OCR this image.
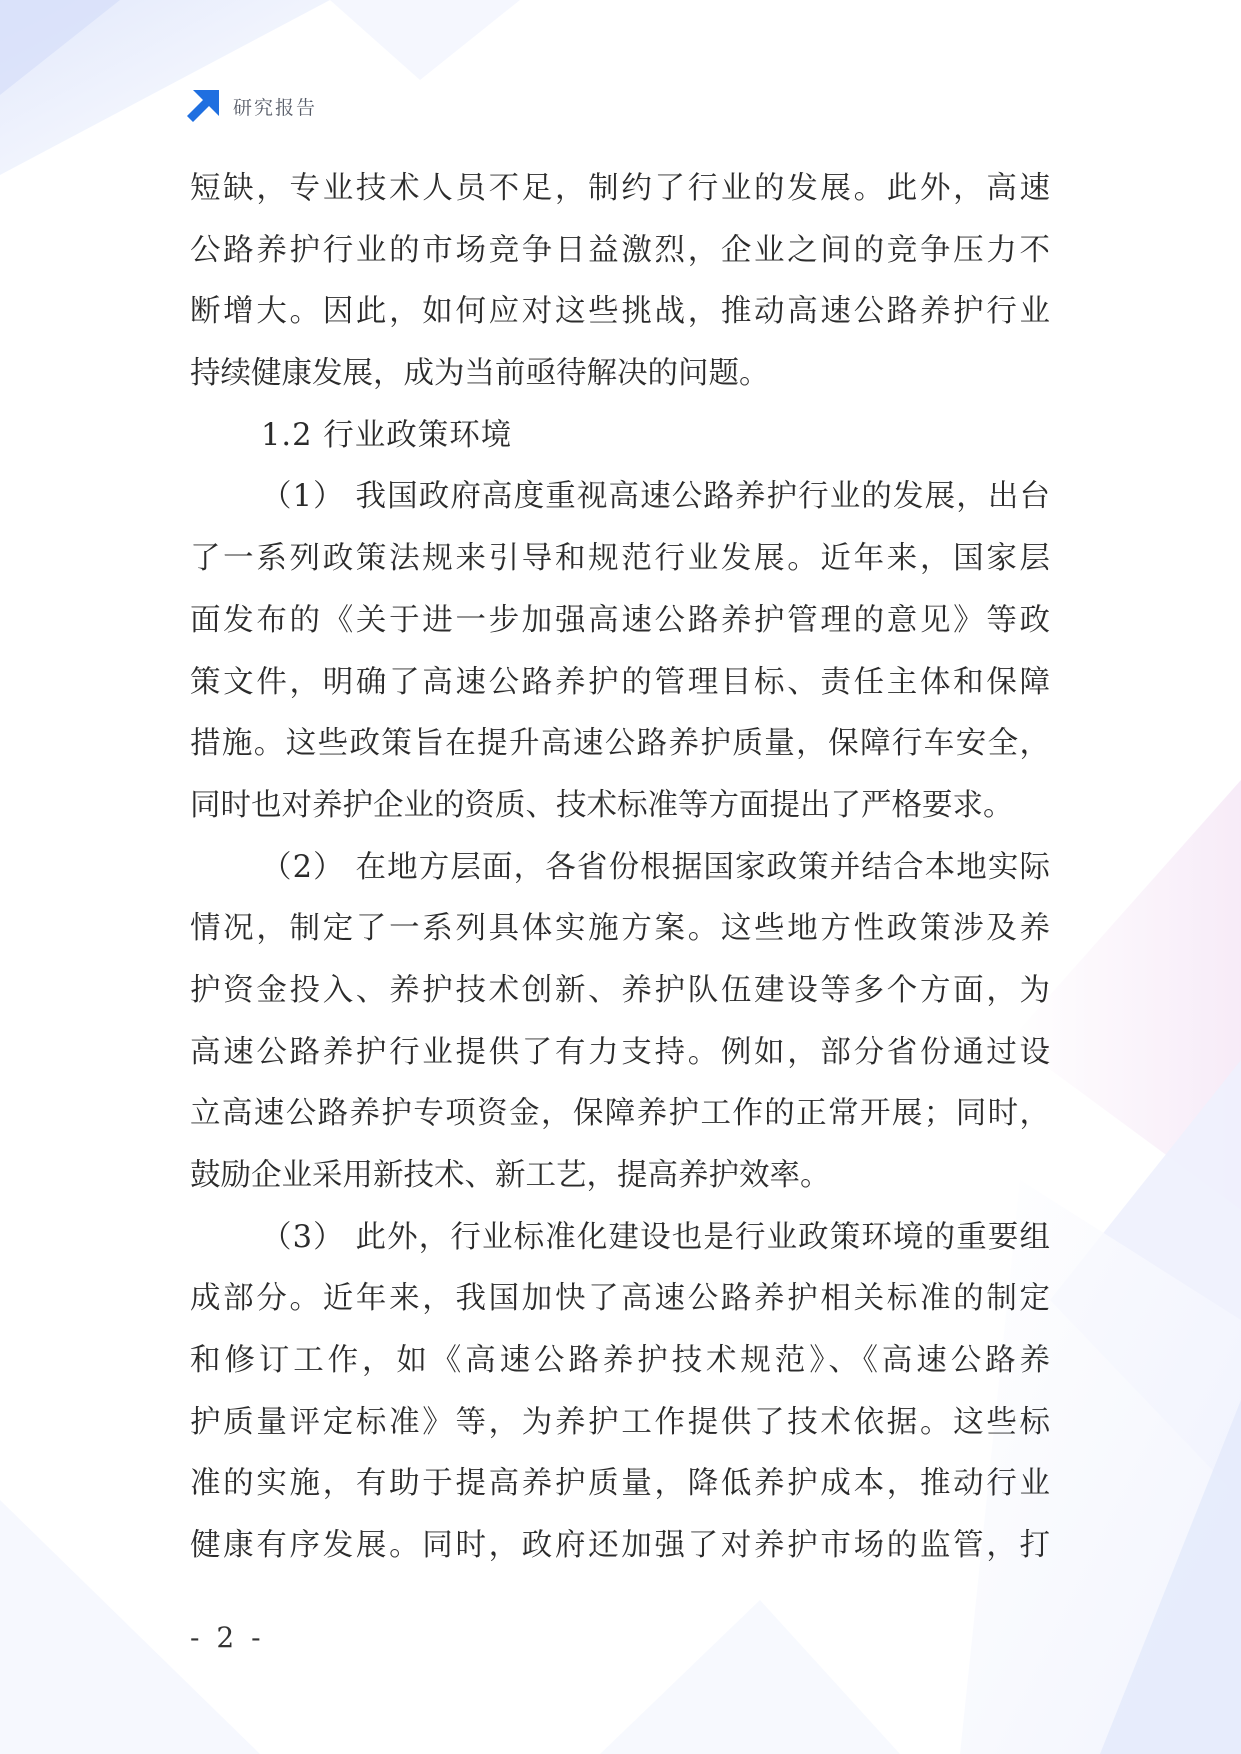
研究报告
短缺，专业技术人员不足，制约了行业的发展。此外，高速
公路养护行业的市场竞争日益激烈，企业之间的竞争压力不
断增大。因此，如何应对这些挑战，推动高速公路养护行业
持续健康发展，成为当前亟待解决的问题。
1.2 行业政策环境
（1） 我国政府高度重视高速公路养护行业的发展，出台
了一系列政策法规来引导和规范行业发展。近年来，国家层
面发布的《关于进一步加强高速公路养护管理的意见》等政
策文件，明确了高速公路养护的管理目标、责任主体和保障
措施。这些政策旨在提升高速公路养护质量，保障行车安全，
同时也对养护企业的资质、技术标准等方面提出了严格要求。
（2） 在地方层面，各省份根据国家政策并结合本地实际
情况，制定了一系列具体实施方案。这些地方性政策涉及养
护资金投入、养护技术创新、养护队伍建设等多个方面，为
高速公路养护行业提供了有力支持。例如，部分省份通过设
立高速公路养护专项资金，保障养护工作的正常开展；同时，
鼓励企业采用新技术、新工艺，提高养护效率。
（3） 此外，行业标准化建设也是行业政策环境的重要组
成部分。近年来，我国加快了高速公路养护相关标准的制定
和修订工作，如《高速公路养护技术规范》、《高速公路养
护质量评定标准》等，为养护工作提供了技术依据。这些标
准的实施，有助于提高养护质量，降低养护成本，推动行业
健康有序发展。同时，政府还加强了对养护市场的监管，打
- 2 -
